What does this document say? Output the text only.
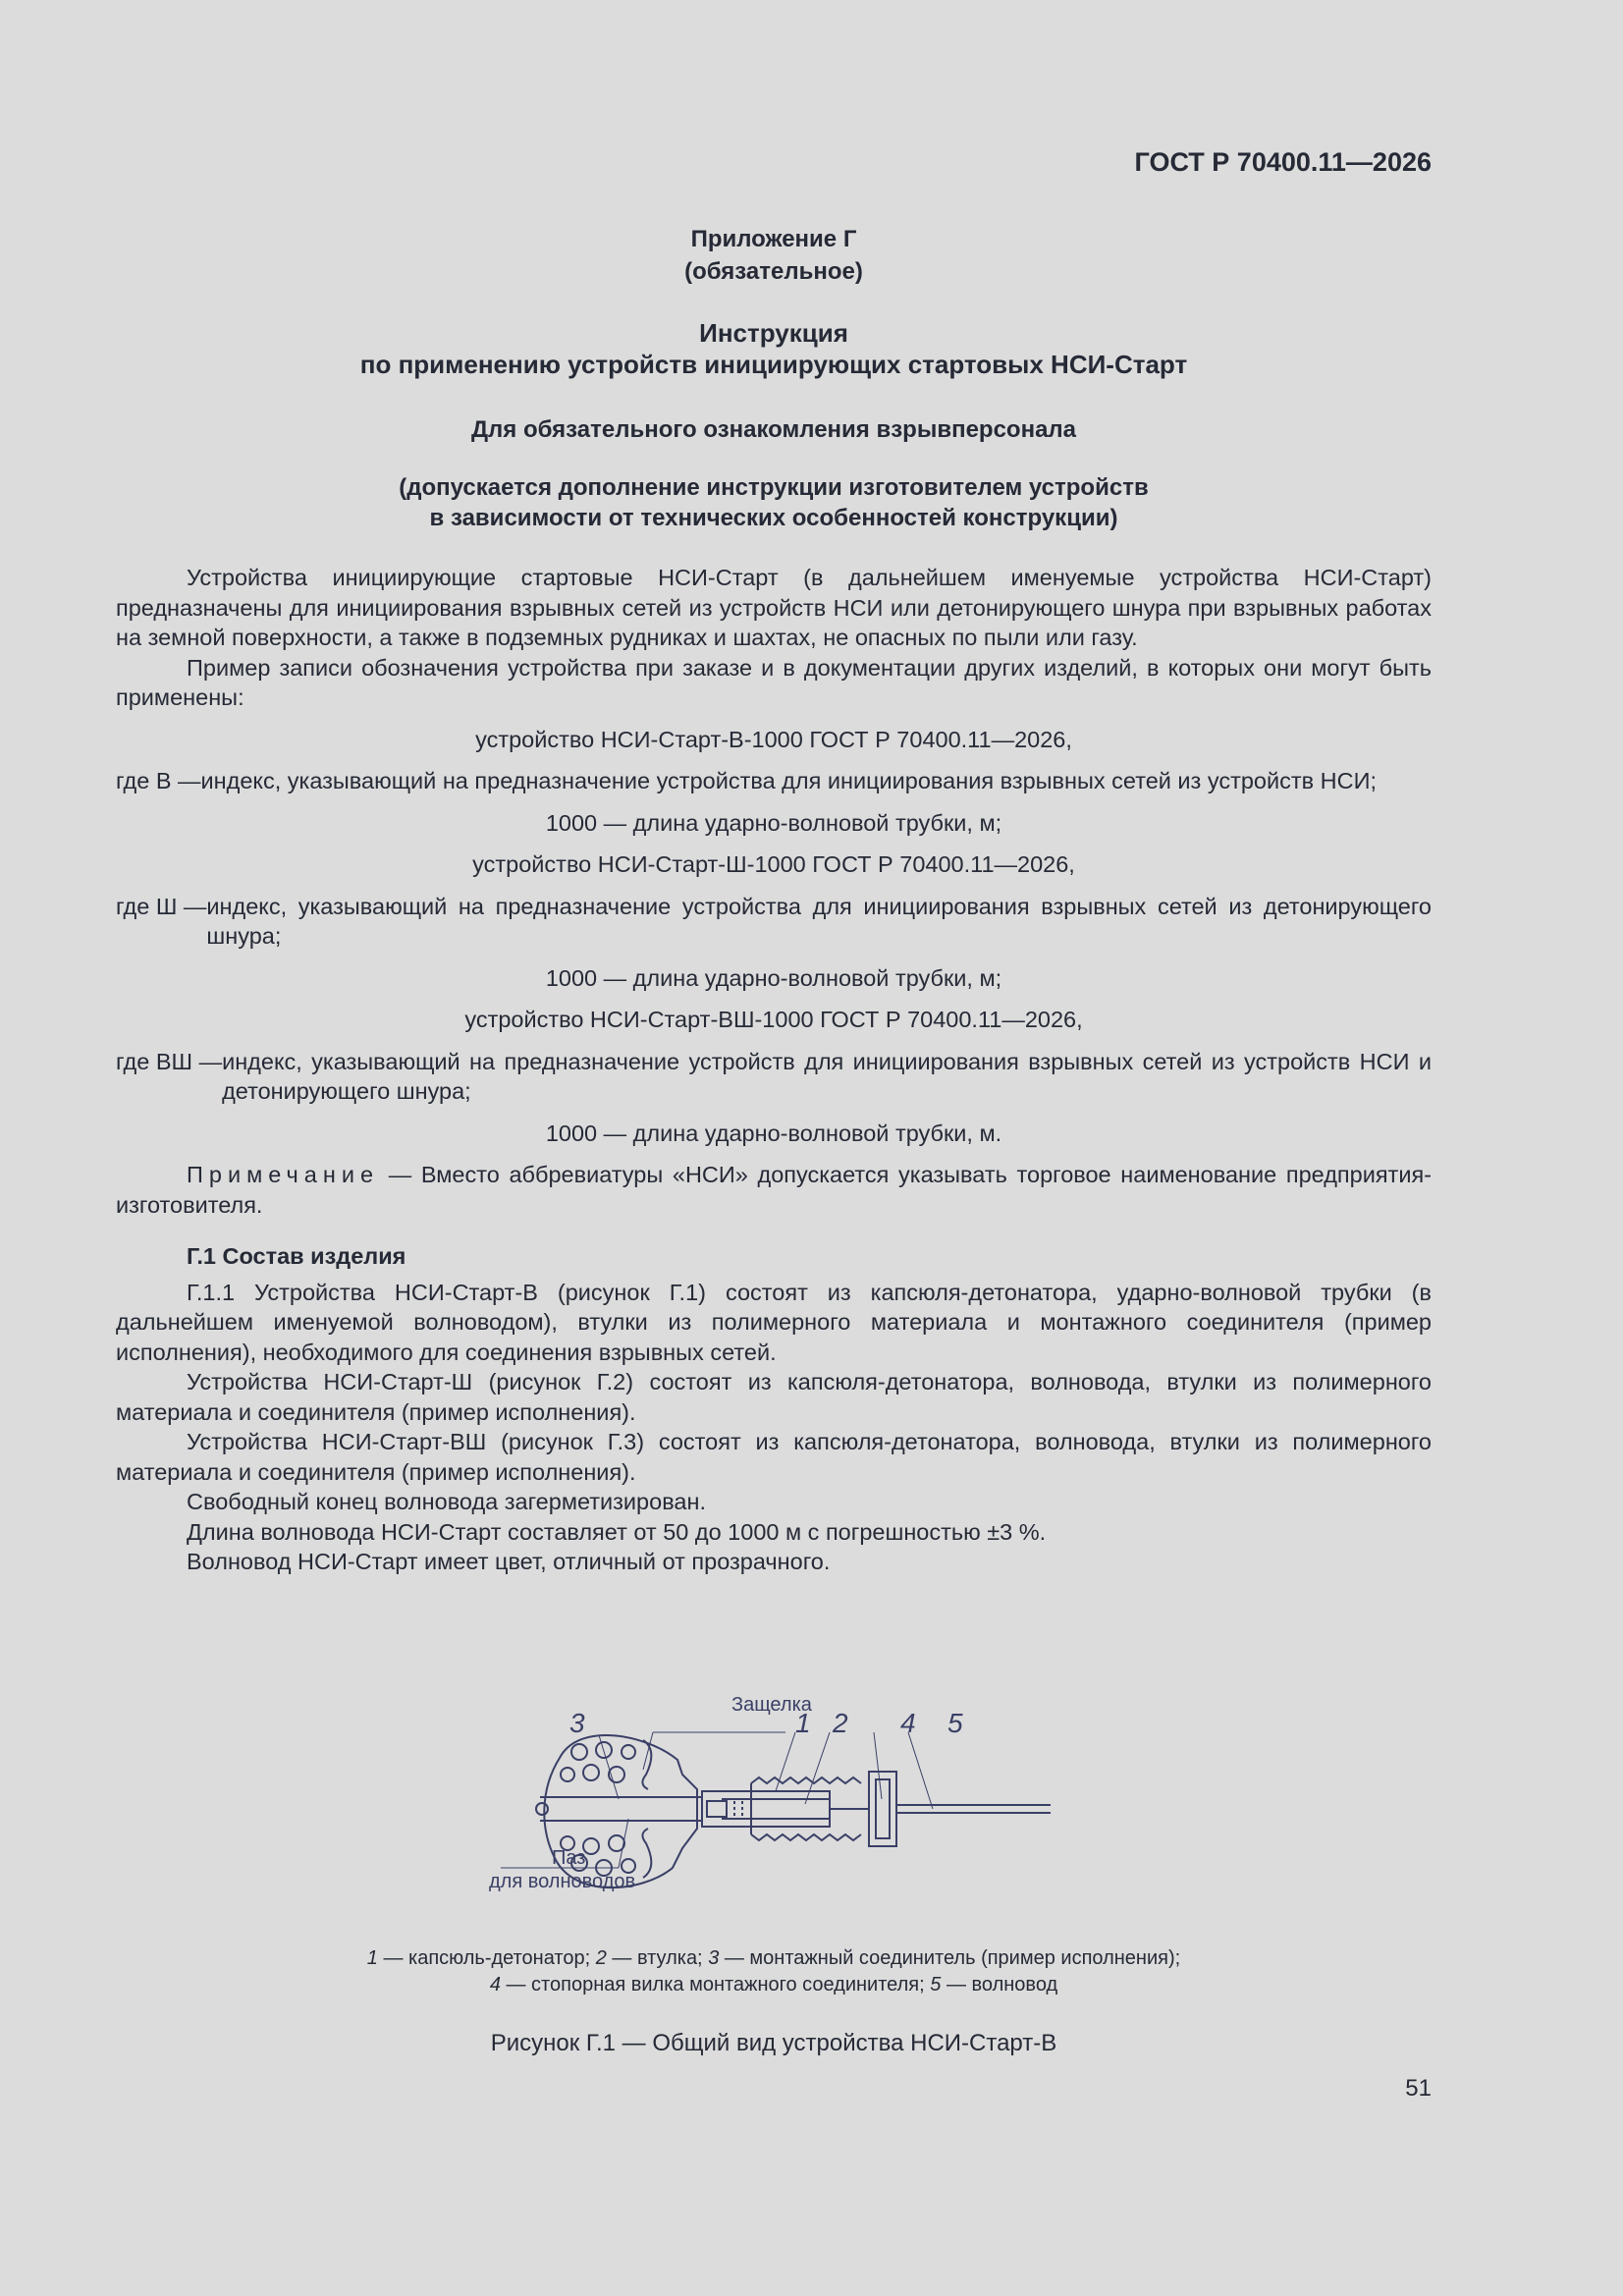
ГОСТ Р 70400.11—2026
Приложение Г
(обязательное)
Инструкция
по применению устройств инициирующих стартовых НСИ-Старт
Для обязательного ознакомления взрывперсонала
(допускается дополнение инструкции изготовителем устройств
в зависимости от технических особенностей конструкции)

Устройства инициирующие стартовые НСИ-Старт (в дальнейшем именуемые устройства НСИ-Старт) предназначены для инициирования взрывных сетей из устройств НСИ или детонирующего шнура при взрывных работах на земной поверхности, а также в подземных рудниках и шахтах, не опасных по пыли или газу.

Пример записи обозначения устройства при заказе и в документации других изделий, в которых они могут быть применены:

устройство НСИ-Старт-В-1000 ГОСТ Р 70400.11—2026,

где В — индекс, указывающий на предназначение устройства для инициирования взрывных сетей из устройств НСИ;

1000 — длина ударно-волновой трубки, м;

устройство НСИ-Старт-Ш-1000 ГОСТ Р 70400.11—2026,

где Ш — индекс, указывающий на предназначение устройства для инициирования взрывных сетей из детонирующего шнура;

1000 — длина ударно-волновой трубки, м;

устройство НСИ-Старт-ВШ-1000 ГОСТ Р 70400.11—2026,

где ВШ — индекс, указывающий на предназначение устройств для инициирования взрывных сетей из устройств НСИ и детонирующего шнура;

1000 — длина ударно-волновой трубки, м.

Примечание — Вместо аббревиатуры «НСИ» допускается указывать торговое наименование предприятия-изготовителя.

Г.1 Состав изделия

Г.1.1 Устройства НСИ-Старт-В (рисунок Г.1) состоят из капсюля-детонатора, ударно-волновой трубки (в дальнейшем именуемой волноводом), втулки из полимерного материала и монтажного соединителя (пример исполнения), необходимого для соединения взрывных сетей.

Устройства НСИ-Старт-Ш (рисунок Г.2) состоят из капсюля-детонатора, волновода, втулки из полимерного материала и соединителя (пример исполнения).

Устройства НСИ-Старт-ВШ (рисунок Г.3) состоят из капсюля-детонатора, волновода, втулки из полимерного материала и соединителя (пример исполнения).

Свободный конец волновода загерметизирован.

Длина волновода НСИ-Старт составляет от 50 до 1000 м с погрешностью ±3 %.

Волновод НСИ-Старт имеет цвет, отличный от прозрачного.

Защелка
3	1 2 4 5
Паз
для волноводов
1 — капсюль-детонатор; 2 — втулка; 3 — монтажный соединитель (пример исполнения);
4 — стопорная вилка монтажного соединителя; 5 — волновод
Рисунок Г.1 — Общий вид устройства НСИ-Старт-В
51
